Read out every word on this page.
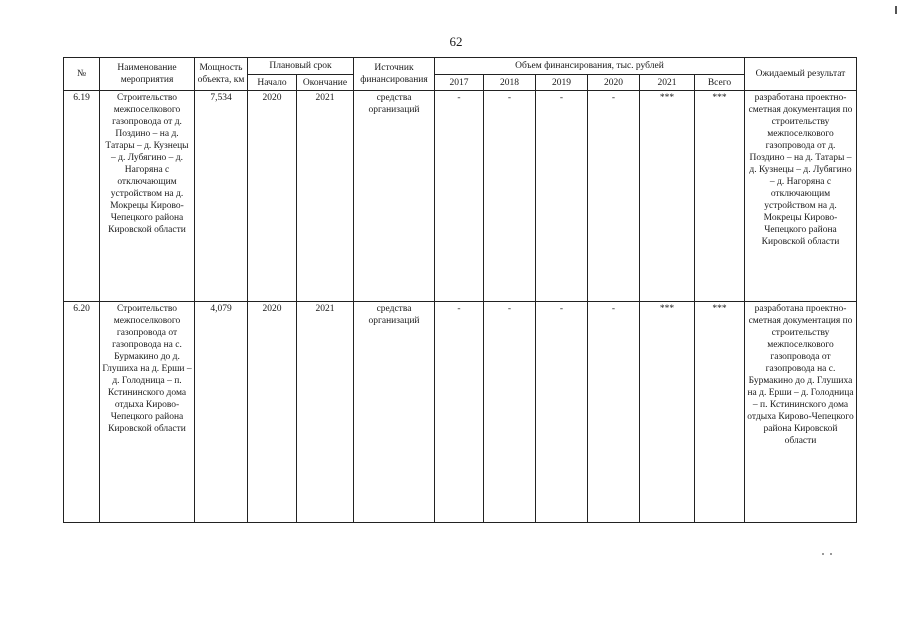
62
№	Наименование мероприятия	Мощность объекта, км	Плановый срок		Источник финансирования	Объем финансирования, тыс. рублей						Ожидаемый результат
			Начало	Окончание		2017	2018	2019	2020	2021	Всего	
6.19	Строительство межпоселкового газопровода от д. Поздино – на д. Татары – д. Кузнецы – д. Лубягино – д. Нагоряна с отключающим устройством на д. Мокрецы Кирово-Чепецкого района Кировской области	7,534	2020	2021	средства организаций	-	-	-	-	***	***	разработана проектно-сметная документация по строительству межпоселкового газопровода от д. Поздино – на д. Татары – д. Кузнецы – д. Лубягино – д. Нагоряна с отключающим устройством на д. Мокрецы Кирово-Чепецкого района Кировской области
6.20	Строительство межпоселкового газопровода от газопровода на с. Бурмакино до д. Глушиха на д. Ерши – д. Голодница – п. Кстининского дома отдыха Кирово-Чепецкого района Кировской области	4,079	2020	2021	средства организаций	-	-	-	-	***	***	разработана проектно-сметная документация по строительству межпоселкового газопровода от газопровода на с. Бурмакино до д. Глушиха на д. Ерши – д. Голодница – п. Кстининского дома отдыха Кирово-Чепецкого района Кировской области
